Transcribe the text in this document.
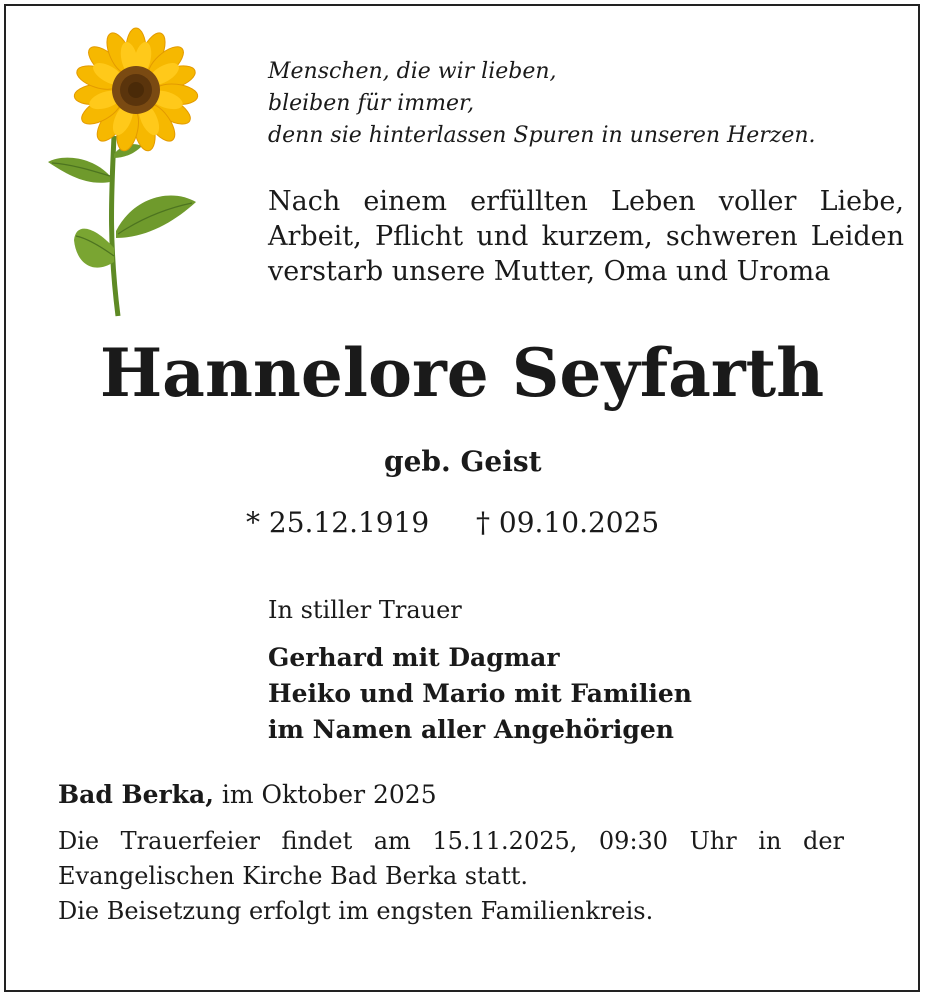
Menschen, die wir lieben,
bleiben für immer,
denn sie hinterlassen Spuren in unseren Herzen.
Nach einem erfüllten Leben voller Liebe,
Arbeit, Pflicht und kurzem, schweren Leiden
verstarb unsere Mutter, Oma und Uroma
Hannelore Seyfarth
geb. Geist
* 25.12.1919 † 09.10.2025
In stiller Trauer
Gerhard mit Dagmar
Heiko und Mario mit Familien
im Namen aller Angehörigen
Bad Berka, im Oktober 2025
Die Trauerfeier findet am 15.11.2025, 09:30 Uhr in der
Evangelischen Kirche Bad Berka statt.
Die Beisetzung erfolgt im engsten Familienkreis.
